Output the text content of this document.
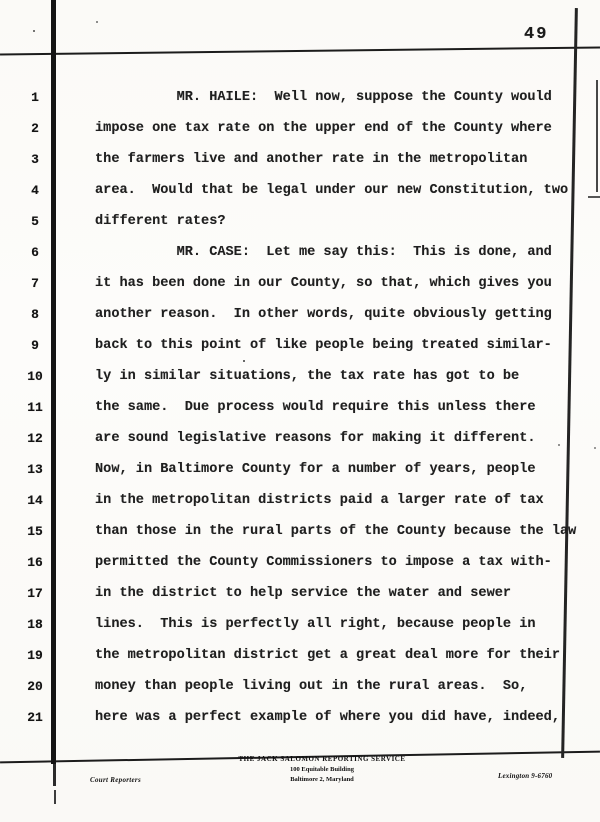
49
1	MR. HAILE:  Well now, suppose the County would
2	impose one tax rate on the upper end of the County where
3	the farmers live and another rate in the metropolitan
4	area.  Would that be legal under our new Constitution, two
5	different rates?
6	MR. CASE:  Let me say this:  This is done, and
7	it has been done in our County, so that, which gives you
8	another reason.  In other words, quite obviously getting
9	back to this point of like people being treated similar-
10	ly in similar situations, the tax rate has got to be
11	the same.  Due process would require this unless there
12	are sound legislative reasons for making it different.
13	Now, in Baltimore County for a number of years, people
14	in the metropolitan districts paid a larger rate of tax
15	than those in the rural parts of the County because the law
16	permitted the County Commissioners to impose a tax with-
17	in the district to help service the water and sewer
18	lines.  This is perfectly all right, because people in
19	the metropolitan district get a great deal more for their
20	money than people living out in the rural areas.  So,
21	here was a perfect example of where you did have, indeed,
Court Reporters
THE JACK SALOMON REPORTING SERVICE
100 Equitable Building
Baltimore 2, Maryland	Lexington 9-6760
